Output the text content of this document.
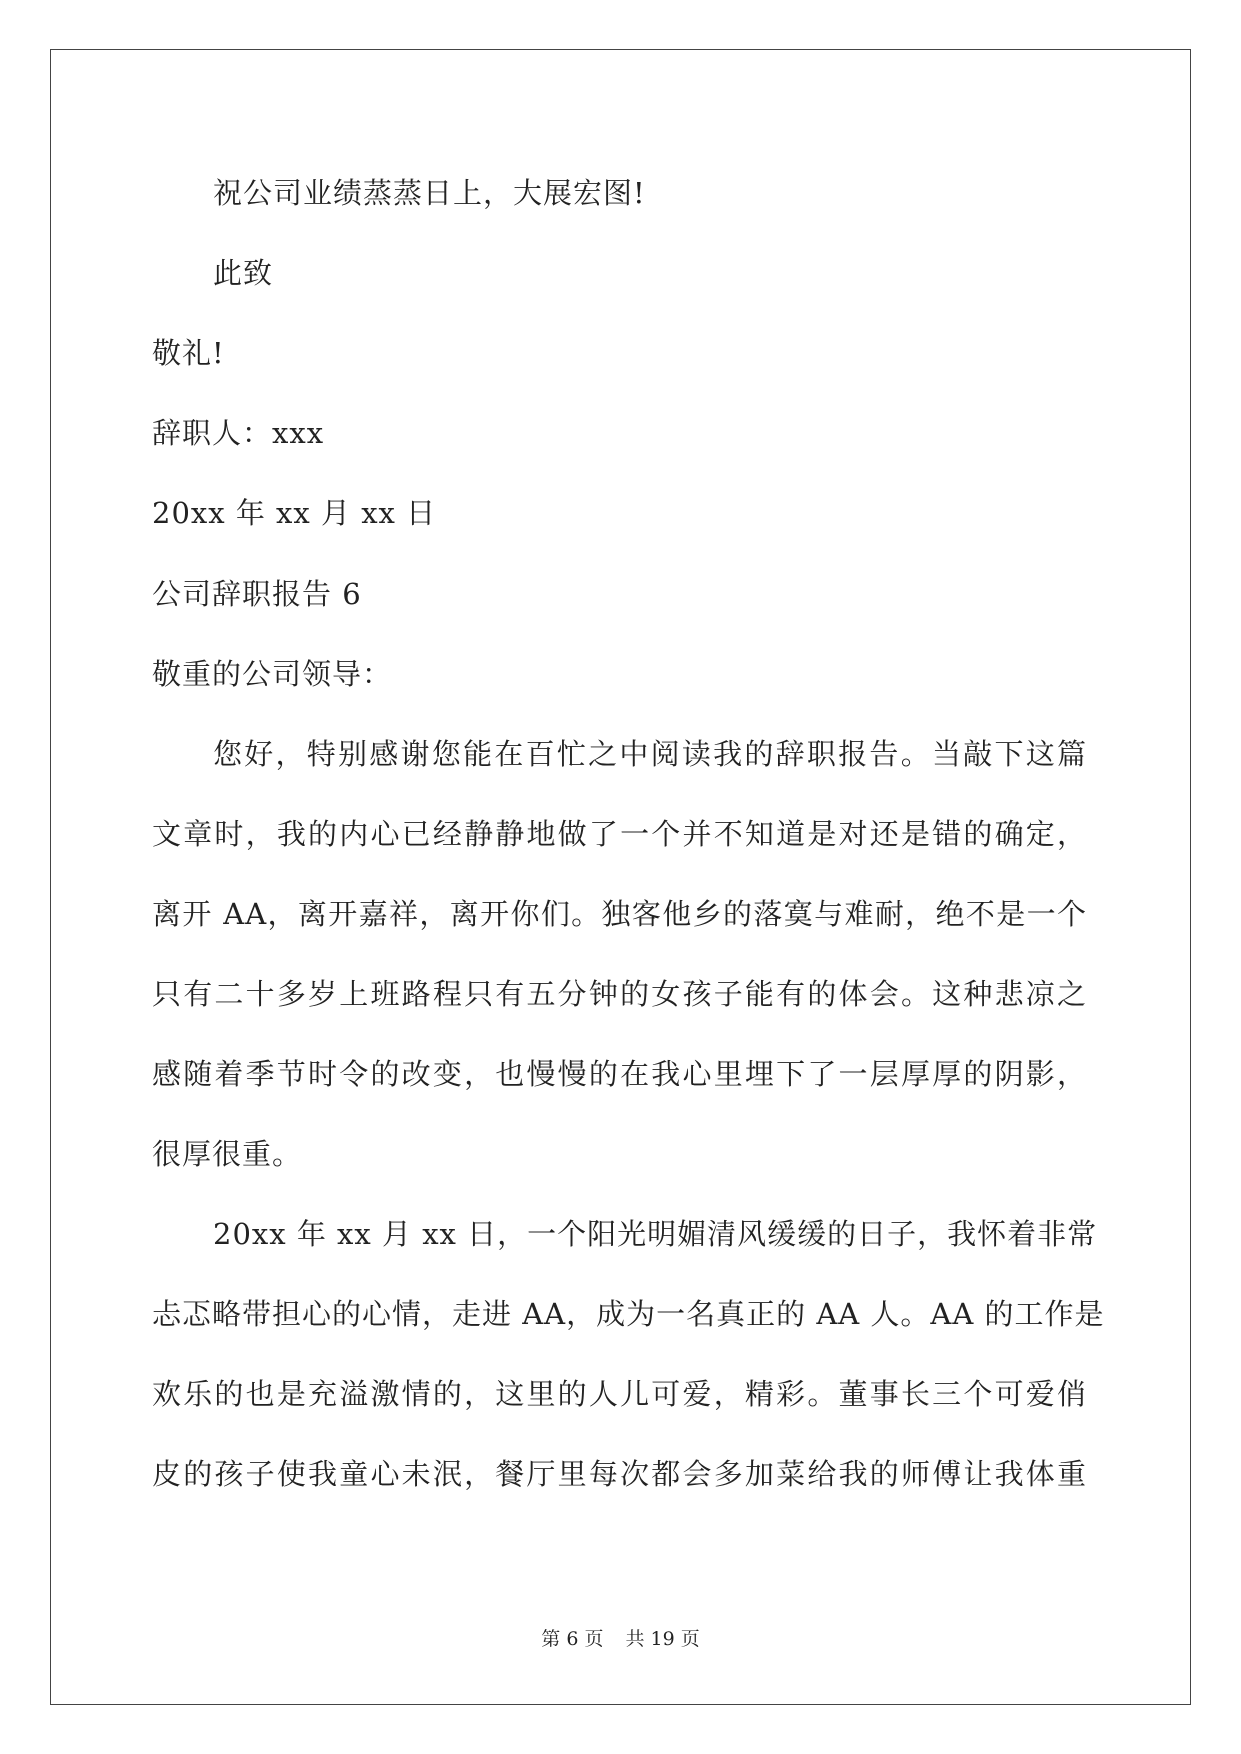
祝公司业绩蒸蒸日上，大展宏图!
此致
敬礼!
辞职人：xxx
20xx 年 xx 月 xx 日
公司辞职报告 6
敬重的公司领导：
您好，特别感谢您能在百忙之中阅读我的辞职报告。当敲下这篇
文章时，我的内心已经静静地做了一个并不知道是对还是错的确定，
离开 AA，离开嘉祥，离开你们。独客他乡的落寞与难耐，绝不是一个
只有二十多岁上班路程只有五分钟的女孩子能有的体会。这种悲凉之
感随着季节时令的改变，也慢慢的在我心里埋下了一层厚厚的阴影，
很厚很重。
20xx 年 xx 月 xx 日，一个阳光明媚清风缓缓的日子，我怀着非常
忐忑略带担心的心情，走进 AA，成为一名真正的 AA 人。AA 的工作是
欢乐的也是充溢激情的，这里的人儿可爱，精彩。董事长三个可爱俏
皮的孩子使我童心未泯，餐厅里每次都会多加菜给我的师傅让我体重
第 6 页 共 19 页
